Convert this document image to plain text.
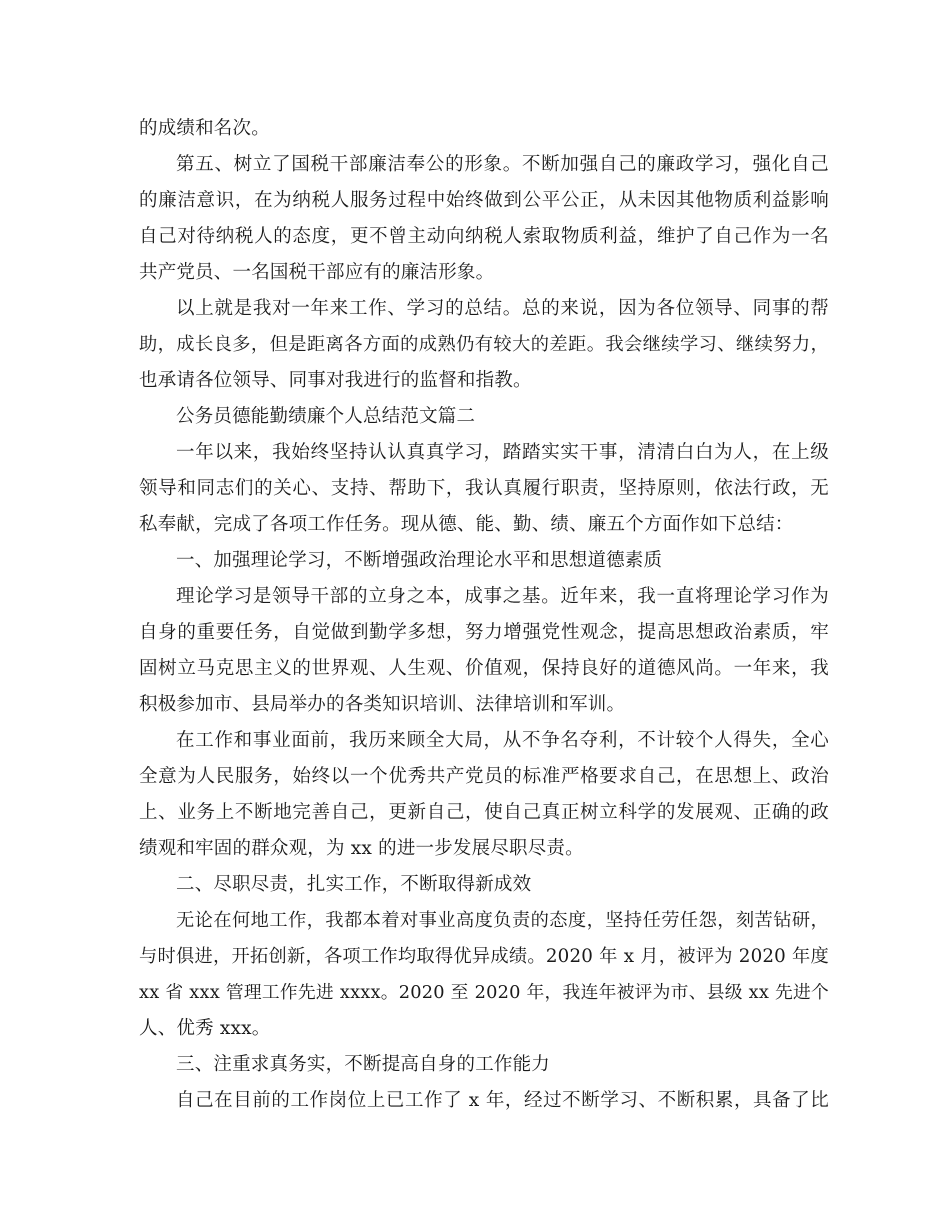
的成绩和名次。
第五、树立了国税干部廉洁奉公的形象。不断加强自己的廉政学习，强化自己
的廉洁意识，在为纳税人服务过程中始终做到公平公正，从未因其他物质利益影响
自己对待纳税人的态度，更不曾主动向纳税人索取物质利益，维护了自己作为一名
共产党员、一名国税干部应有的廉洁形象。
以上就是我对一年来工作、学习的总结。总的来说，因为各位领导、同事的帮
助，成长良多，但是距离各方面的成熟仍有较大的差距。我会继续学习、继续努力，
也承请各位领导、同事对我进行的监督和指教。
公务员德能勤绩廉个人总结范文篇二
一年以来，我始终坚持认认真真学习，踏踏实实干事，清清白白为人，在上级
领导和同志们的关心、支持、帮助下，我认真履行职责，坚持原则，依法行政，无
私奉献，完成了各项工作任务。现从德、能、勤、绩、廉五个方面作如下总结：
一、加强理论学习，不断增强政治理论水平和思想道德素质
理论学习是领导干部的立身之本，成事之基。近年来，我一直将理论学习作为
自身的重要任务，自觉做到勤学多想，努力增强党性观念，提高思想政治素质，牢
固树立马克思主义的世界观、人生观、价值观，保持良好的道德风尚。一年来，我
积极参加市、县局举办的各类知识培训、法律培训和军训。
在工作和事业面前，我历来顾全大局，从不争名夺利，不计较个人得失，全心
全意为人民服务，始终以一个优秀共产党员的标准严格要求自己，在思想上、政治
上、业务上不断地完善自己，更新自己，使自己真正树立科学的发展观、正确的政
绩观和牢固的群众观，为 xx 的进一步发展尽职尽责。
二、尽职尽责，扎实工作，不断取得新成效
无论在何地工作，我都本着对事业高度负责的态度，坚持任劳任怨，刻苦钻研，
与时俱进，开拓创新，各项工作均取得优异成绩。2020 年 x 月，被评为 2020 年度
xx 省 xxx 管理工作先进 xxxx。2020 至 2020 年，我连年被评为市、县级 xx 先进个
人、优秀 xxx。
三、注重求真务实，不断提高自身的工作能力
自己在目前的工作岗位上已工作了 x 年，经过不断学习、不断积累，具备了比
